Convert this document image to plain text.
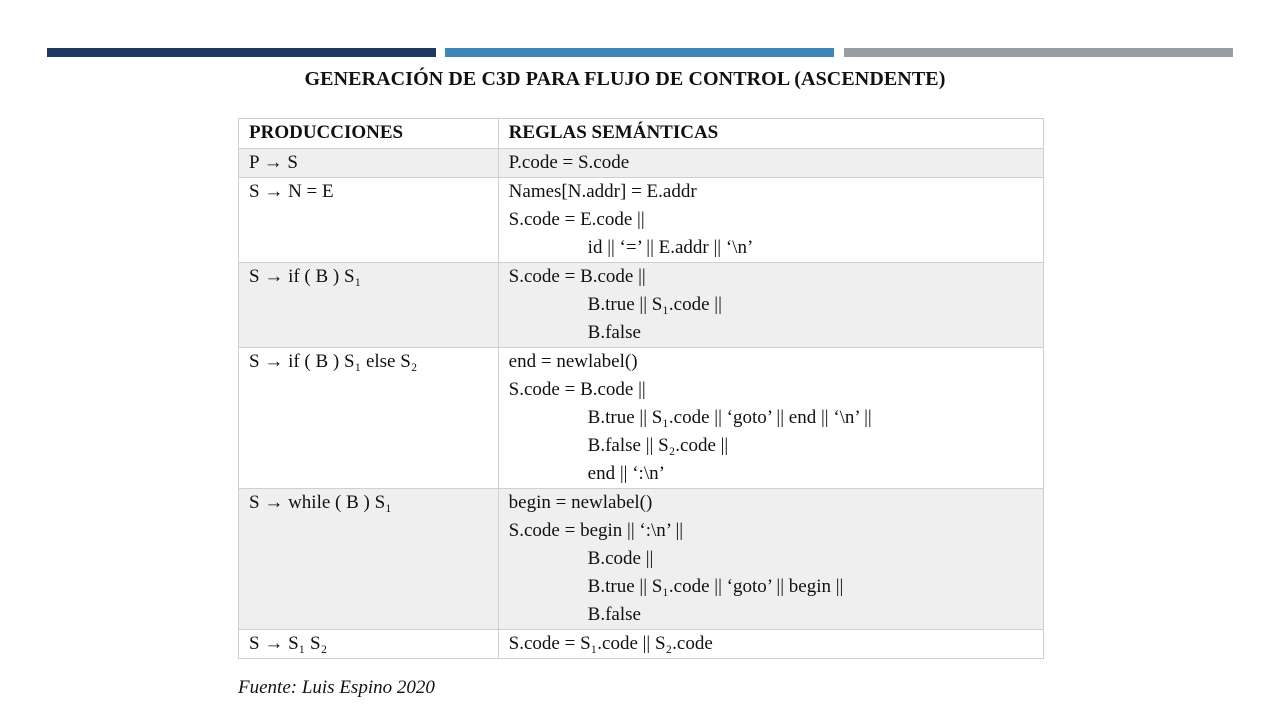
GENERACIÓN DE C3D PARA FLUJO DE CONTROL (ASCENDENTE)
PRODUCCIONES	REGLAS SEMÁNTICAS

P → S	P.code = S.code

S → N = E	Names[N.addr] = E.addr
S.code = E.code ||
id || ‘=’ || E.addr || ‘\n’

S → if ( B ) S₁	S.code = B.code ||
B.true || S₁.code ||
B.false

S → if ( B ) S₁ else S₂	end = newlabel()
S.code = B.code ||
B.true || S₁.code || ‘goto’ || end || ‘\n’ ||
B.false || S₂.code ||
end || ‘:\n’

S → while ( B ) S₁	begin = newlabel()
S.code = begin || ‘:\n’ ||
B.code ||
B.true || S₁.code || ‘goto’ || begin ||
B.false

S → S₁ S₂	S.code = S₁.code || S₂.code
Fuente: Luis Espino 2020
